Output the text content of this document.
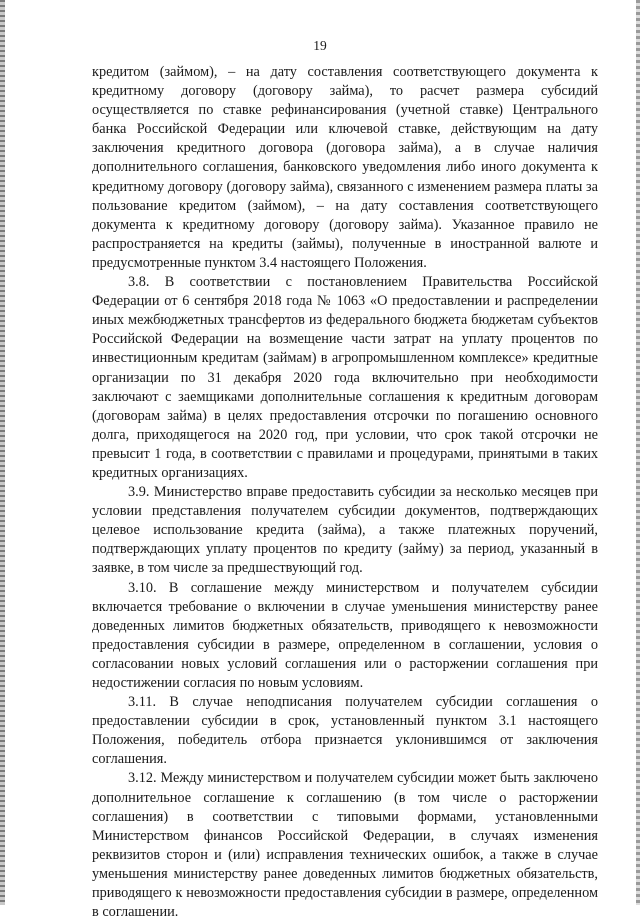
19

кредитом (займом), – на дату составления соответствующего документа к кредитному договору (договору займа), то расчет размера субсидий осуществляется по ставке рефинансирования (учетной ставке) Центрального банка Российской Федерации или ключевой ставке, действующим на дату заключения кредитного договора (договора займа), а в случае наличия дополнительного соглашения, банковского уведомления либо иного документа к кредитному договору (договору займа), связанного с изменением размера платы за пользование кредитом (займом), – на дату составления соответствующего документа к кредитному договору (договору займа). Указанное правило не распространяется на кредиты (займы), полученные в иностранной валюте и предусмотренные пунктом 3.4 настоящего Положения.

3.8. В соответствии с постановлением Правительства Российской Федерации от 6 сентября 2018 года № 1063 «О предоставлении и распределении иных межбюджетных трансфертов из федерального бюджета бюджетам субъектов Российской Федерации на возмещение части затрат на уплату процентов по инвестиционным кредитам (займам) в агропромышленном комплексе» кредитные организации по 31 декабря 2020 года включительно при необходимости заключают с заемщиками дополнительные соглашения к кредитным договорам (договорам займа) в целях предоставления отсрочки по погашению основного долга, приходящегося на 2020 год, при условии, что срок такой отсрочки не превысит 1 года, в соответствии с правилами и процедурами, принятыми в таких кредитных организациях.

3.9. Министерство вправе предоставить субсидии за несколько месяцев при условии представления получателем субсидии документов, подтверждающих целевое использование кредита (займа), а также платежных поручений, подтверждающих уплату процентов по кредиту (займу) за период, указанный в заявке, в том числе за предшествующий год.

3.10. В соглашение между министерством и получателем субсидии включается требование о включении в случае уменьшения министерству ранее доведенных лимитов бюджетных обязательств, приводящего к невозможности предоставления субсидии в размере, определенном в соглашении, условия о согласовании новых условий соглашения или о расторжении соглашения при недостижении согласия по новым условиям.

3.11. В случае неподписания получателем субсидии соглашения о предоставлении субсидии в срок, установленный пунктом 3.1 настоящего Положения, победитель отбора признается уклонившимся от заключения соглашения.

3.12. Между министерством и получателем субсидии может быть заключено дополнительное соглашение к соглашению (в том числе о расторжении соглашения) в соответствии с типовыми формами, установленными Министерством финансов Российской Федерации, в случаях изменения реквизитов сторон и (или) исправления технических ошибок, а также в случае уменьшения министерству ранее доведенных лимитов бюджетных обязательств, приводящего к невозможности предоставления субсидии в размере, определенном в соглашении.
